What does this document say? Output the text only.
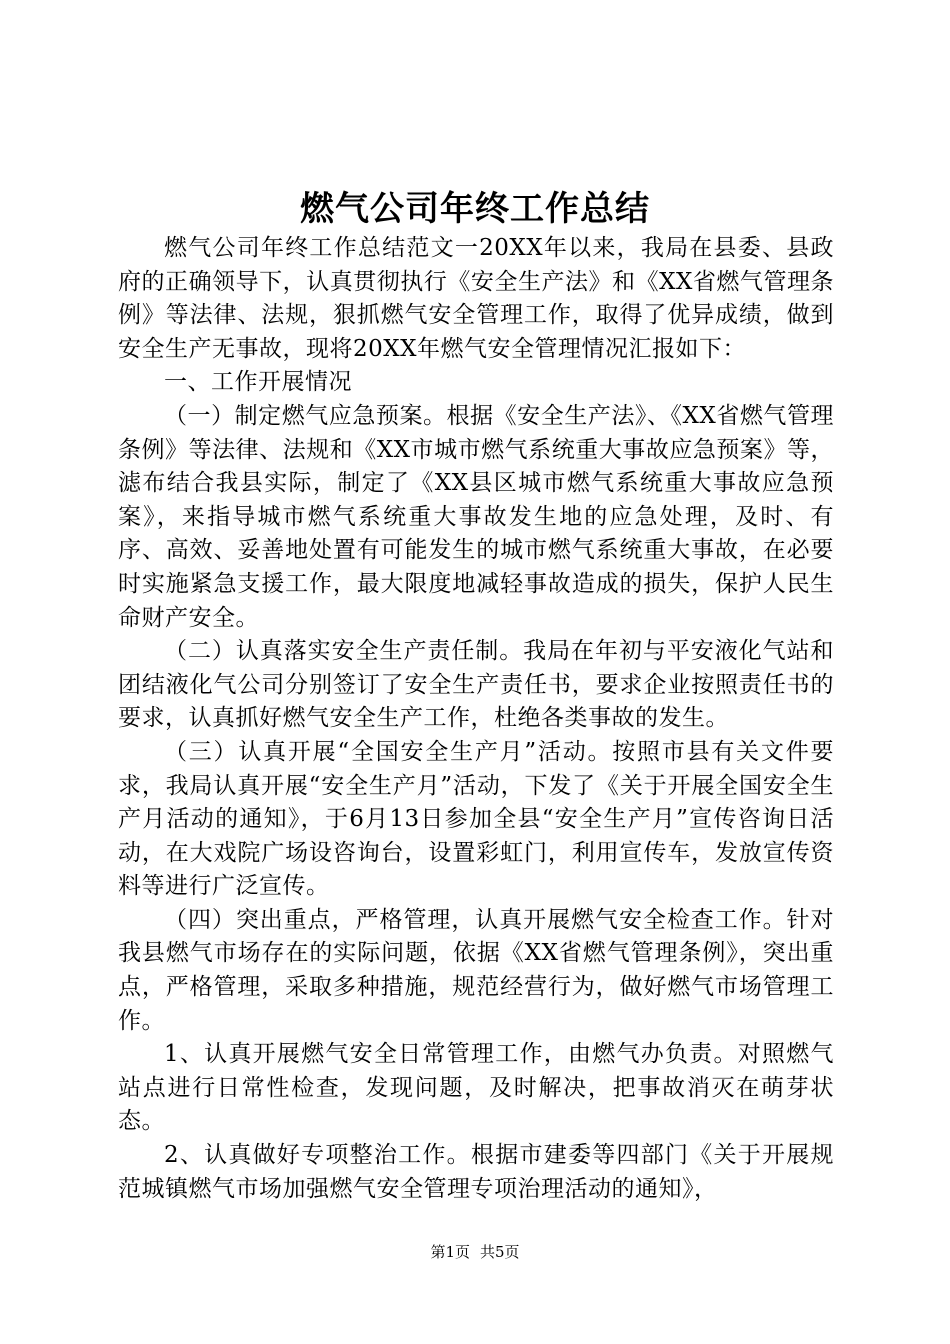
燃气公司年终工作总结

燃气公司年终工作总结范文一20XX年以来，我局在县委、县政府的正确领导下，认真贯彻执行《安全生产法》和《XX省燃气管理条例》等法律、法规，狠抓燃气安全管理工作，取得了优异成绩，做到安全生产无事故，现将20XX年燃气安全管理情况汇报如下：

一、工作开展情况

（一）制定燃气应急预案。根据《安全生产法》、《XX省燃气管理条例》等法律、法规和《XX市城市燃气系统重大事故应急预案》等，滤布结合我县实际，制定了《XX县区城市燃气系统重大事故应急预案》，来指导城市燃气系统重大事故发生地的应急处理，及时、有序、高效、妥善地处置有可能发生的城市燃气系统重大事故，在必要时实施紧急支援工作，最大限度地减轻事故造成的损失，保护人民生命财产安全。

（二）认真落实安全生产责任制。我局在年初与平安液化气站和团结液化气公司分别签订了安全生产责任书，要求企业按照责任书的要求，认真抓好燃气安全生产工作，杜绝各类事故的发生。

（三）认真开展“全国安全生产月”活动。按照市县有关文件要求，我局认真开展“安全生产月”活动，下发了《关于开展全国安全生产月活动的通知》，于6月13日参加全县“安全生产月”宣传咨询日活动，在大戏院广场设咨询台，设置彩虹门，利用宣传车，发放宣传资料等进行广泛宣传。

（四）突出重点，严格管理，认真开展燃气安全检查工作。针对我县燃气市场存在的实际问题，依据《XX省燃气管理条例》，突出重点，严格管理，采取多种措施，规范经营行为，做好燃气市场管理工作。

1、认真开展燃气安全日常管理工作，由燃气办负责。对照燃气站点进行日常性检查，发现问题，及时解决，把事故消灭在萌芽状态。

2、认真做好专项整治工作。根据市建委等四部门《关于开展规范城镇燃气市场加强燃气安全管理专项治理活动的通知》，

第1页 共5页
